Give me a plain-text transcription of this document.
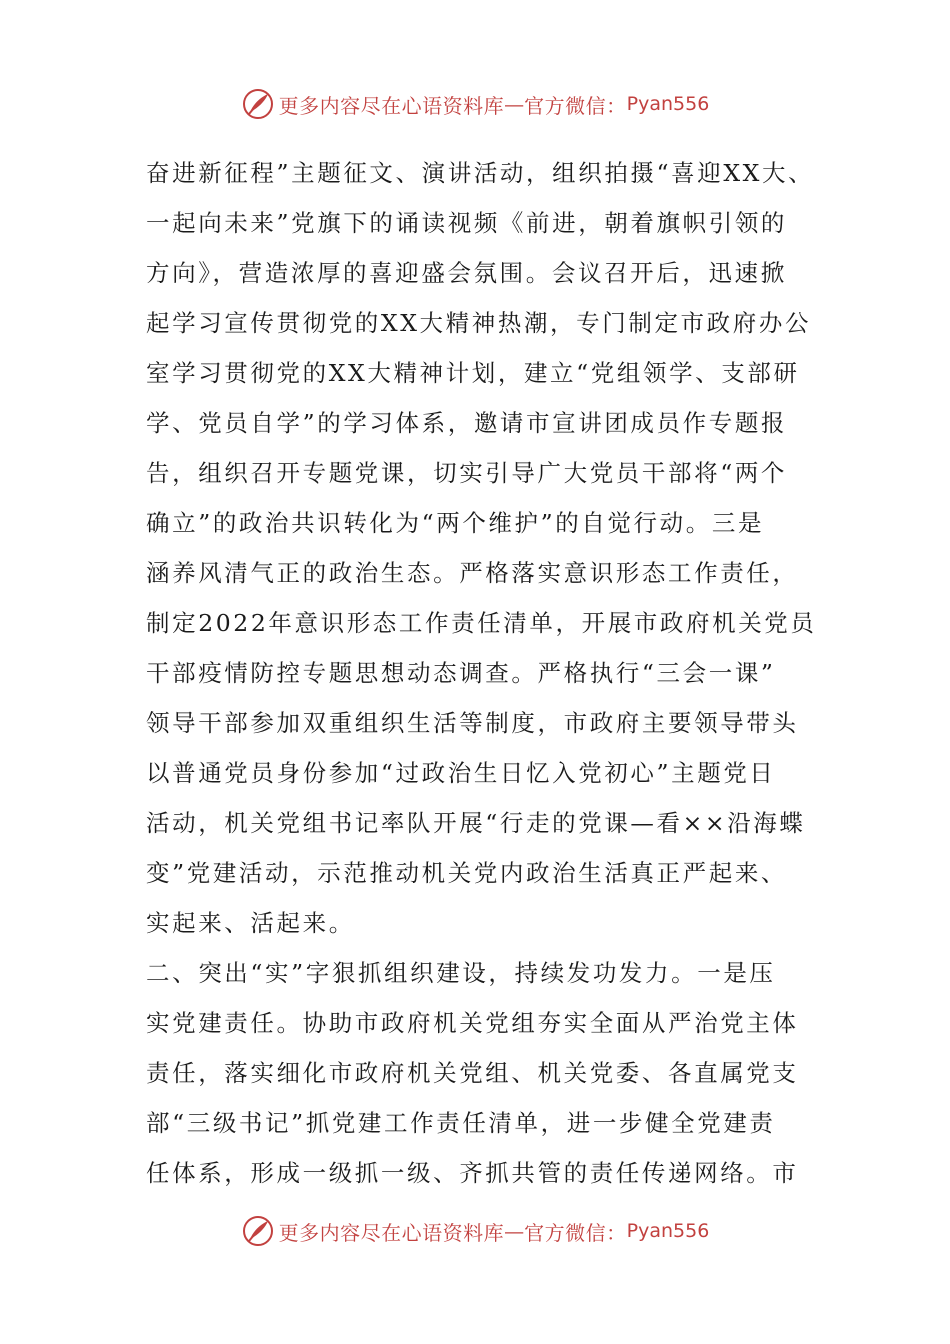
更多内容尽在心语资料库 — 官方微信： Pyan556
奋进新征程”主题征文、演讲活动，组织拍摄“喜迎XX大、
一起向未来”党旗下的诵读视频《前进，朝着旗帜引领的
方向》，营造浓厚的喜迎盛会氛围。会议召开后，迅速掀
起学习宣传贯彻党的XX大精神热潮，专门制定市政府办公
室学习贯彻党的XX大精神计划，建立“党组领学、支部研
学、党员自学”的学习体系，邀请市宣讲团成员作专题报
告，组织召开专题党课，切实引导广大党员干部将“两个
确立”的政治共识转化为“两个维护”的自觉行动。三是
涵养风清气正的政治生态。严格落实意识形态工作责任，
制定2022年意识形态工作责任清单，开展市政府机关党员
干部疫情防控专题思想动态调查。严格执行“三会一课”
领导干部参加双重组织生活等制度，市政府主要领导带头
以普通党员身份参加“过政治生日忆入党初心”主题党日
活动，机关党组书记率队开展“行走的党课—看××沿海蝶
变”党建活动，示范推动机关党内政治生活真正严起来、
实起来、活起来。
二、突出“实”字狠抓组织建设，持续发功发力。一是压
实党建责任。协助市政府机关党组夯实全面从严治党主体
责任，落实细化市政府机关党组、机关党委、各直属党支
部“三级书记”抓党建工作责任清单，进一步健全党建责
任体系，形成一级抓一级、齐抓共管的责任传递网络。市
更多内容尽在心语资料库 — 官方微信： Pyan556
